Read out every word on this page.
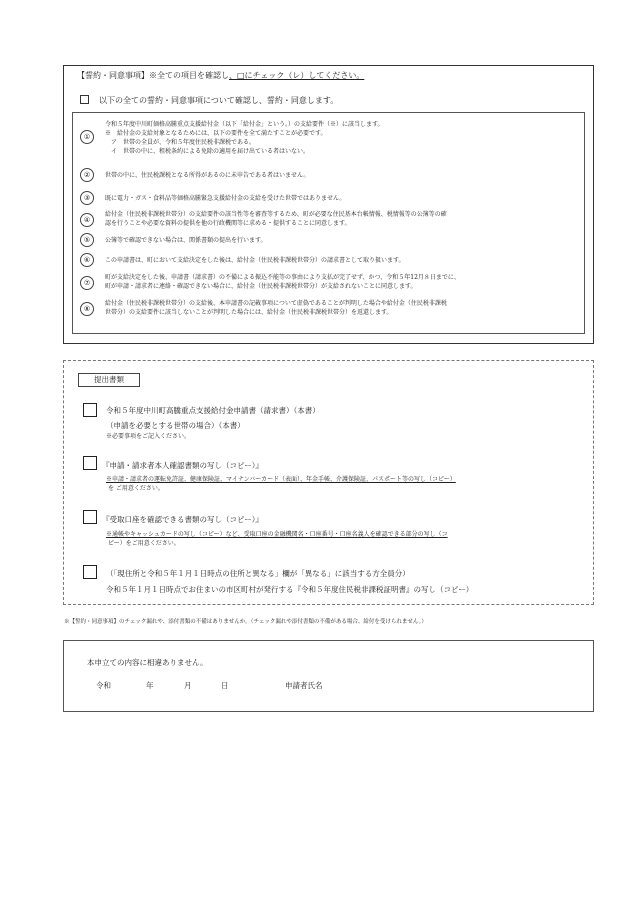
【誓約・同意事項】※全ての項目を確認し、□にチェック（レ）してください。
以下の全ての誓約・同意事項について確認し、誓約・同意します。
①
令和５年度中川町価格高騰重点支援給付金（以下「給付金」という。）の支給要件（※）に該当します。
※　給付金の支給対象となるためには、以下の要件を全て満たすことが必要です。
　ア　世帯の全員が、令和５年度住民税非課税である。
　イ　世帯の中に、租税条約による免除の適用を届け出ている者はいない。
②	世帯の中に、住民税課税となる所得があるのに未申告である者はいません。
③	既に電力・ガス・食料品等価格高騰緊急支援給付金の支給を受けた世帯ではありません。
④
給付金（住民税非課税世帯分）の支給要件の該当性等を審査等するため、町が必要な住民基本台帳情報、税情報等の公簿等の確
認を行うことや必要な資料の提供を他の行政機関等に求める・提供することに同意します。
⑤	公簿等で確認できない場合は、関係書類の提出を行います。
⑥	この申請書は、町において支給決定をした後は、給付金（住民税非課税世帯分）の請求書として取り扱います。
⑦
町が支給決定をした後、申請書（請求書）の不備による振込不能等の事由により支払が完了せず、かつ、令和５年12月８日までに、
町が申請・請求者に連絡・確認できない場合に、給付金（住民税非課税世帯分）が支給されないことに同意します。
⑧
給付金（住民税非課税世帯分）の支給後、本申請書の記載事項について虚偽であることが判明した場合や給付金（住民税非課税
世帯分）の支給要件に該当しないことが判明した場合には、給付金（住民税非課税世帯分）を返還します。
提出書類
令和５年度中川町高騰重点支援給付金申請書（請求書）（本書）
（申請を必要とする世帯の場合）（本書）
※必要事項をご記入ください。
『申請・請求者本人確認書類の写し（コピー）』
※申請・請求者の運転免許証、健康保険証、マイナンバーカード（表面）、年金手帳、介護保険証、パスポート等の写し（コピー）
を ご用意ください。
『受取口座を確認できる書類の写し（コピー）』
※通帳やキャッシュカードの写し（コピー）など、受取口座の金融機関名・口座番号・口座名義人を確認できる部分の写し（コ
ピー）をご用意ください。
（「現住所と令和５年１月１日時点の住所と異なる」欄が「異なる」に該当する方全員分）
令和５年１月１日時点でお住まいの市区町村が発行する『令和５年度住民税非課税証明書』の写し（コピー）
※【誓約・同意事項】のチェック漏れや、添付書類の不備はありませんか。（チェック漏れや添付書類の不備がある場合、給付を受けられません。）
本申立ての内容に相違ありません。
令和	年	月	日	申請者氏名
